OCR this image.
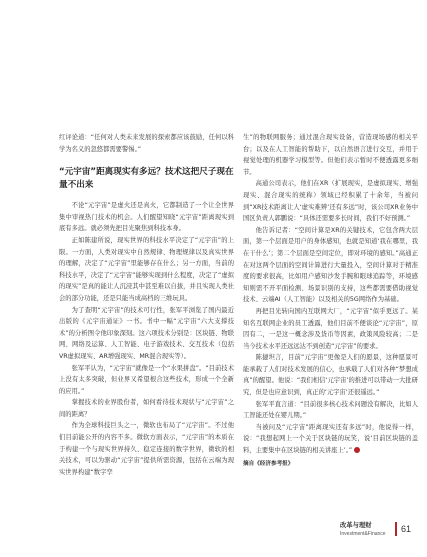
红评论道：“任何对人类未来发展的探索都应该鼓励，任何以科学为名义的忽悠都需要警惕。”

“元宇宙”距离现实有多远？技术这把尺子现在量不出来

不论“元宇宙”是虚火还是真火，它都制造了一个让全世界集中审视热门技术的机会。人们醒望知晓“元宇宙”距离现实到底有多远。就必须先把目光聚焦到科技本身。

正如陈建所说，现实世界的科技水平决定了“元宇宙”的上限。一方面，人类对现实中自然规律、物理规律以及真实世界的理解，决定了“元宇宙”里能够存在什么；另一方面，当前的科技水平，决定了“元宇宙”能够实现到什么程度，决定了“虚拟的现实”是真的能让人沉浸其中甚至难以自拔，并且实现人类社会的部分功能，还是只能当成高档的三维玩具。

为了查明“元宇宙”的技术可行性，张军平浏览了国内最近出版的《元宇宙通证》一书。书中一幅“元宇宙”六大支撑技术”的分析图令他印象深刻。这六项技术分别是：区块链、物联网、网络及运算、人工智能、电子游戏技术、交互技术（包括VR虚拟现实、AR增强现实、MR混合现实等）。

张军平认为，“元宇宙”就像是一个“水果拼盘”。“目前技术上没有太多突破，但业界又希望根合这些技术，形成一个全新的应用。”

掌握技术的业界股份者，如何看待技术现状与“元宇宙”之间的距离？

作为全球科技巨头之一，微软也布局了“元宇宙”。不过他们目前能公开的内容不多。微软方面表示，“元宇宙”的本质在于构建一个与现实世界持久、稳定连接的数字世界，微软的相关技术，可以为驱动“元宇宙”提供所需资源，包括在云端为现实世界构建“数字孪

生”的物联网服务；通过混合现实设备，营造现场感的相关平台；以及在人工智能的帮助下，以自然语言进行交互，并用于视觉处理的机器学习模型等。但他们表示暂时不便透露更多细节。

高通公司表示，他们在XR（扩展现实，是虚拟现实、增强现实、混合现实的统称）领域已经积累了十余年，当被问到“XR技术距离让人‘虚实难辨’还有多远”时，该公司XR业务中国区负责人郭鹏说：“具体还需要多长时间，我们不好预测。”

他告诉记者：“空间计算是XR的关键技术，它包含两大层面，第一个层面是用户的身体感知，也就是知道‘我在哪里，我在干什么’；第二个层面是空间定位，即对环境的感知。”高通正在对这两个层面的空间计算进行大量投入，空间计算对于精准度的要求很高，比如用户感知沙发手腕和眼球追踪等，环境感知则需不开平面检测、场景识别的支持，这些都需要借助视觉技术、云端AI（人工智能）以及相关的5G网络作为基础。

再把目光转向国内互联网大厂，“元宇宙”似乎更远了。某知名互联网企业的员工透露，他们目前不便谈论“元宇宙”，原因有二，一是这一概念涉及货币等因素，政策风险较高；二是当今技术水平还远远达不到创造“元宇宙”的要求。

陈捷坦言，目前“元宇宙”更像是人们的愿景，这种愿景可能承载了人们对技术发展的信心，也承载了人们对各种“梦想成真”的醒望。他说：“我们相信‘元宇宙’的推进可以带动一大批研究，但是也应意识到，真正的‘元宇宙’还很遥远。”

张军平直言道：“目前很多核心技术问题没有解决，比如人工智能还处在婴儿期。”

当被问及“元宇宙”距离现实还有多远”时，他说得一样，说：“我想起网上一个关于区块链的玩笑，说‘目前区块链的盖料，主要集中在区块链的相关讲座上’。”

摘自《经济参考报》
改革与理财
Investment&Finance 61
